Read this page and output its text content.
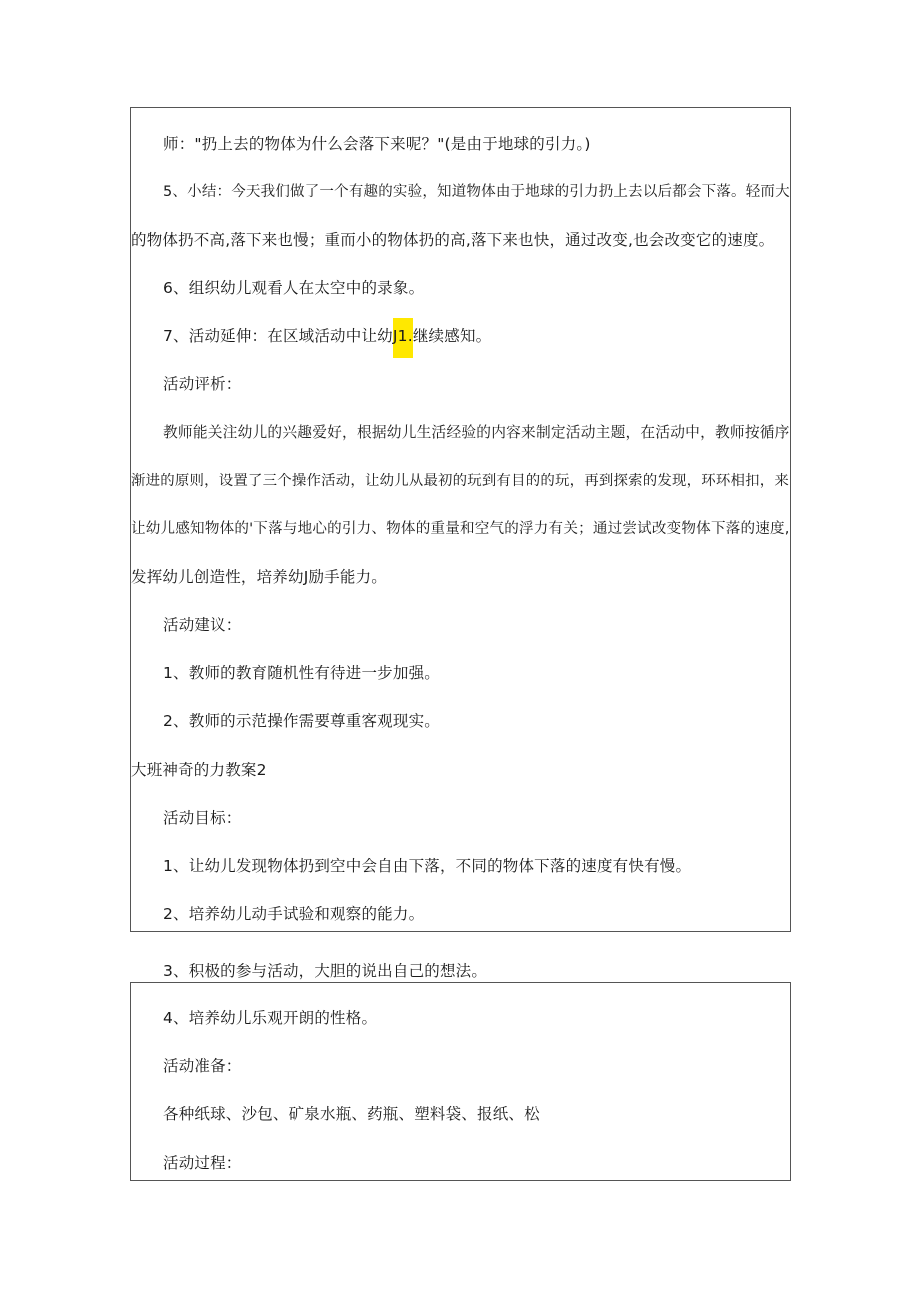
师："扔上去的物体为什么会落下来呢？"(是由于地球的引力。)
5、小结：今天我们做了一个有趣的实验，知道物体由于地球的引力扔上去以后都会下落。轻而大
的物体扔不高,落下来也慢；重而小的物体扔的高,落下来也快，通过改变,也会改变它的速度。
6、组织幼儿观看人在太空中的录象。
7、活动延伸：在区域活动中让幼J1.继续感知。
活动评析：
教师能关注幼儿的兴趣爱好，根据幼儿生活经验的内容来制定活动主题，在活动中，教师按循序
渐进的原则，设置了三个操作活动，让幼儿从最初的玩到有目的的玩，再到探索的发现，环环相扣，来
让幼儿感知物体的'下落与地心的引力、物体的重量和空气的浮力有关；通过尝试改变物体下落的速度,
发挥幼儿创造性，培养幼J励手能力。
活动建议：
1、教师的教育随机性有待进一步加强。
2、教师的示范操作需要尊重客观现实。
大班神奇的力教案2
活动目标：
1、让幼儿发现物体扔到空中会自由下落，不同的物体下落的速度有快有慢。
2、培养幼儿动手试验和观察的能力。
3、积极的参与活动，大胆的说出自己的想法。
4、培养幼儿乐观开朗的性格。
活动准备：
各种纸球、沙包、矿泉水瓶、药瓶、塑料袋、报纸、松
活动过程：
